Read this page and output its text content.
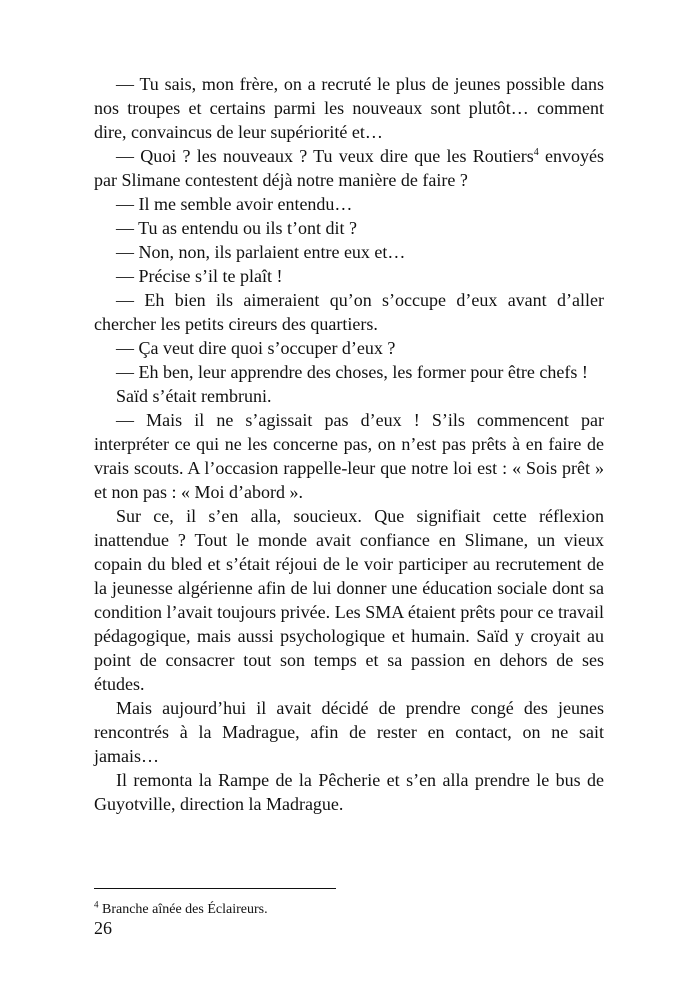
— Tu sais, mon frère, on a recruté le plus de jeunes possible dans nos troupes et certains parmi les nouveaux sont plutôt… comment dire, convaincus de leur supériorité et…

— Quoi ? les nouveaux ? Tu veux dire que les Routiers$^4$ envoyés par Slimane contestent déjà notre manière de faire ?

— Il me semble avoir entendu…

— Tu as entendu ou ils t’ont dit ?

— Non, non, ils parlaient entre eux et…

— Précise s’il te plaît !

— Eh bien ils aimeraient qu’on s’occupe d’eux avant d’aller chercher les petits cireurs des quartiers.

— Ça veut dire quoi s’occuper d’eux ?

— Eh ben, leur apprendre des choses, les former pour être chefs !

Saïd s’était rembruni.

— Mais il ne s’agissait pas d’eux ! S’ils commencent par interpréter ce qui ne les concerne pas, on n’est pas prêts à en faire de vrais scouts. A l’occasion rappelle-leur que notre loi est : « Sois prêt » et non pas : « Moi d’abord ».

Sur ce, il s’en alla, soucieux. Que signifiait cette réflexion inattendue ? Tout le monde avait confiance en Slimane, un vieux copain du bled et s’était réjoui de le voir participer au recrutement de la jeunesse algérienne afin de lui donner une éducation sociale dont sa condition l’avait toujours privée. Les SMA étaient prêts pour ce travail pédagogique, mais aussi psychologique et humain. Saïd y croyait au point de consacrer tout son temps et sa passion en dehors de ses études.

Mais aujourd’hui il avait décidé de prendre congé des jeunes rencontrés à la Madrague, afin de rester en contact, on ne sait jamais…

Il remonta la Rampe de la Pêcherie et s’en alla prendre le bus de Guyotville, direction la Madrague.

$^4$ Branche aînée des Éclaireurs.
26
